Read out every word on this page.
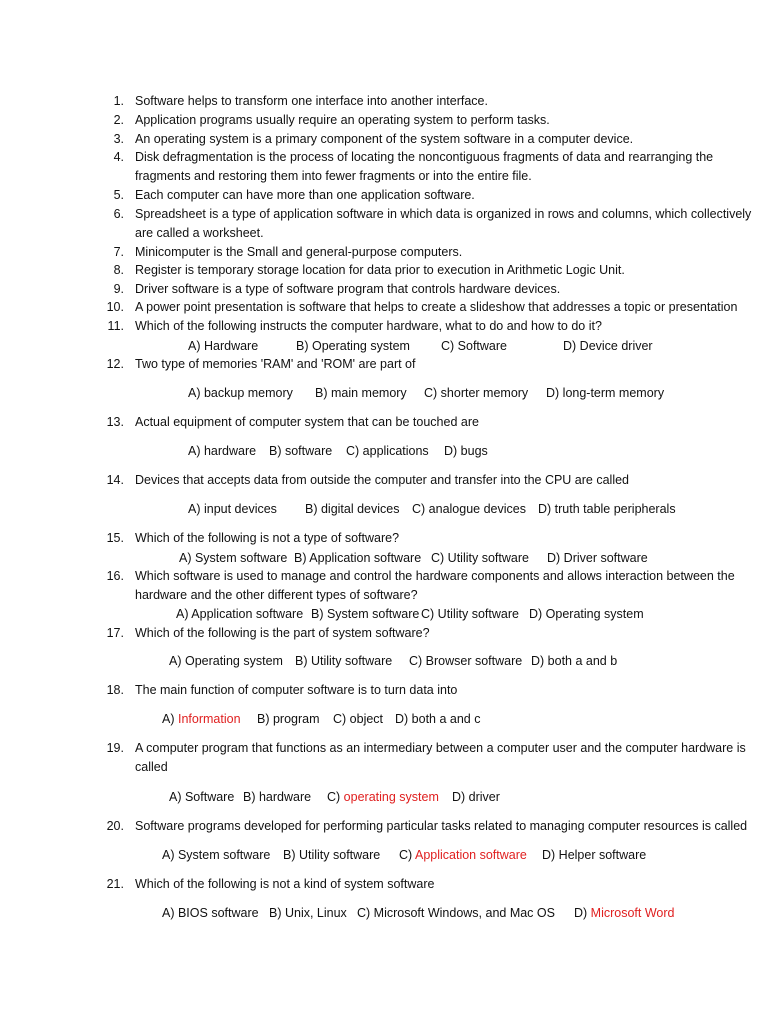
1. Software helps to transform one interface into another interface.
2. Application programs usually require an operating system to perform tasks.
3. An operating system is a primary component of the system software in a computer device.
4. Disk defragmentation is the process of locating the noncontiguous fragments of data and rearranging the
fragments and restoring them into fewer fragments or into the entire file.
5. Each computer can have more than one application software.
6. Spreadsheet is a type of application software in which data is organized in rows and columns, which collectively
are called a worksheet.
7. Minicomputer is the Small and general-purpose computers.
8. Register is temporary storage location for data prior to execution in Arithmetic Logic Unit.
9. Driver software is a type of software program that controls hardware devices.
10. A power point presentation is software that helps to create a slideshow that addresses a topic or presentation
11. Which of the following instructs the computer hardware, what to do and how to do it?
A) Hardware	B) Operating system C) Software	D) Device driver
12. Two type of memories 'RAM' and 'ROM' are part of
A) backup memory B) main memory C) shorter memory D) long-term memory
13. Actual equipment of computer system that can be touched are
A) hardware B) software C) applications D) bugs
14. Devices that accepts data from outside the computer and transfer into the CPU are called
A) input devices B) digital devices C) analogue devices D) truth table peripherals
15. Which of the following is not a type of software?
A) System software B) Application software C) Utility software D) Driver software
16. Which software is used to manage and control the hardware components and allows interaction between the
hardware and the other different types of software?
A) Application software B) System software C) Utility software D) Operating system
17. Which of the following is the part of system software?
A) Operating system B) Utility software C) Browser software D) both a and b
18. The main function of computer software is to turn data into
A) Information B) program C) object D) both a and c
19. A computer program that functions as an intermediary between a computer user and the computer hardware is
called
A) Software B) hardware C) operating system D) driver
20. Software programs developed for performing particular tasks related to managing computer resources is called
A) System software B) Utility software C) Application software D) Helper software
21. Which of the following is not a kind of system software
A) BIOS software B) Unix, Linux C) Microsoft Windows, and Mac OS D) Microsoft Word
